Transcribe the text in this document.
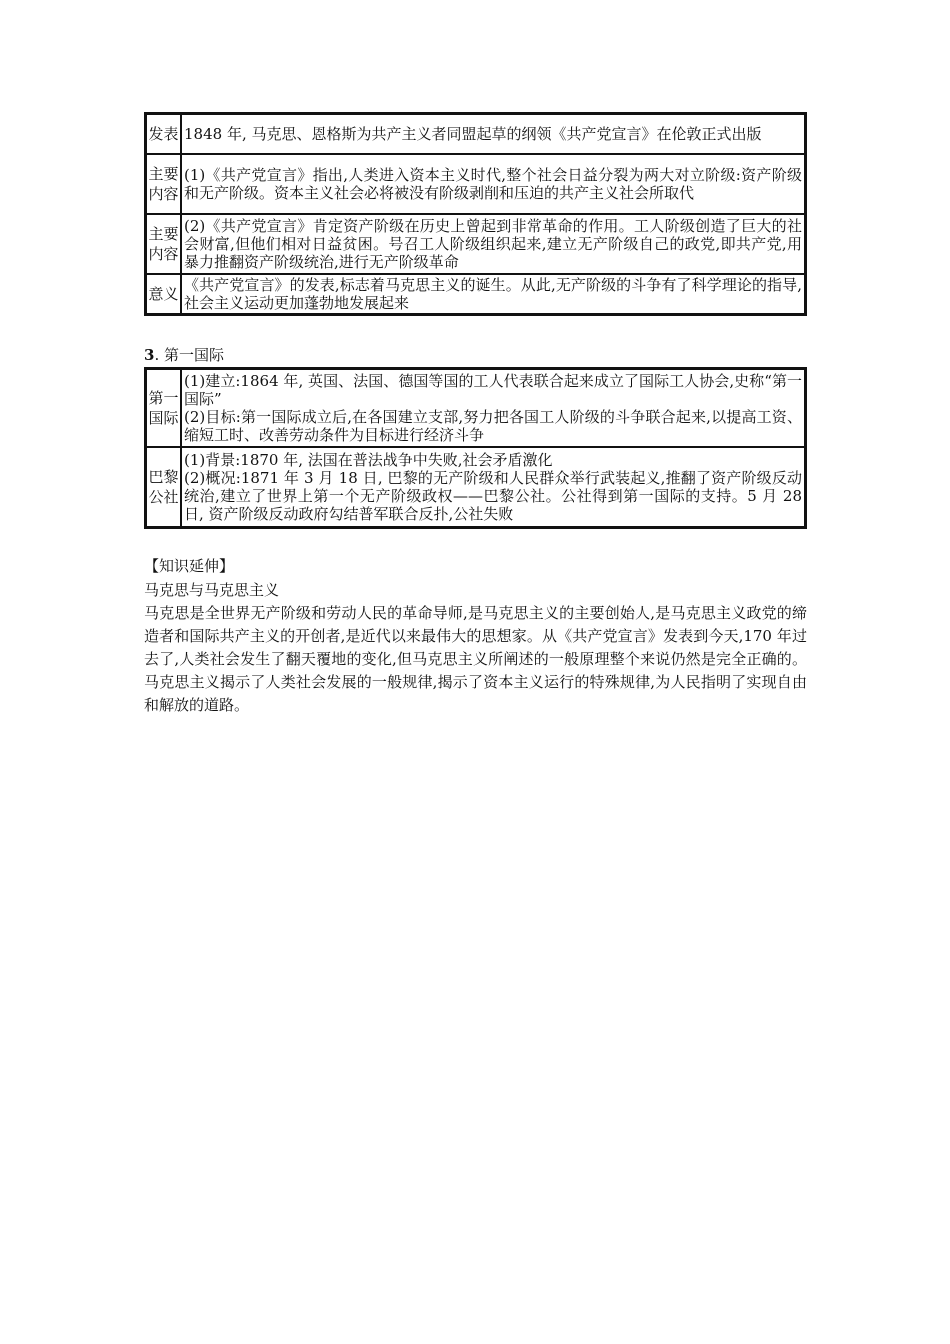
发表	1848 年, 马克思、恩格斯为共产主义者同盟起草的纲领《共产党宣言》在伦敦正式出版
主要内容	(1)《共产党宣言》指出,人类进入资本主义时代,整个社会日益分裂为两大对立阶级:资产阶级和无产阶级。资本主义社会必将被没有阶级剥削和压迫的共产主义社会所取代
主要内容	(2)《共产党宣言》肯定资产阶级在历史上曾起到非常革命的作用。工人阶级创造了巨大的社会财富,但他们相对日益贫困。号召工人阶级组织起来,建立无产阶级自己的政党,即共产党,用暴力推翻资产阶级统治,进行无产阶级革命
意义	《共产党宣言》的发表,标志着马克思主义的诞生。从此,无产阶级的斗争有了科学理论的指导,社会主义运动更加蓬勃地发展起来
3. 第一国际
第一国际	(1)建立:1864 年, 英国、法国、德国等国的工人代表联合起来成立了国际工人协会,史称“第一国际”
(2)目标:第一国际成立后,在各国建立支部,努力把各国工人阶级的斗争联合起来,以提高工资、缩短工时、改善劳动条件为目标进行经济斗争

巴黎公社	(1)背景:1870 年, 法国在普法战争中失败,社会矛盾激化
(2)概况:1871 年 3 月 18 日, 巴黎的无产阶级和人民群众举行武装起义,推翻了资产阶级反动统治,建立了世界上第一个无产阶级政权——巴黎公社。公社得到第一国际的支持。5 月 28 日, 资产阶级反动政府勾结普军联合反扑,公社失败
【知识延伸】
马克思与马克思主义
马克思是全世界无产阶级和劳动人民的革命导师,是马克思主义的主要创始人,是马克思主义政党的缔造者和国际共产主义的开创者,是近代以来最伟大的思想家。从《共产党宣言》发表到今天,170 年过去了,人类社会发生了翻天覆地的变化,但马克思主义所阐述的一般原理整个来说仍然是完全正确的。马克思主义揭示了人类社会发展的一般规律,揭示了资本主义运行的特殊规律,为人民指明了实现自由和解放的道路。
